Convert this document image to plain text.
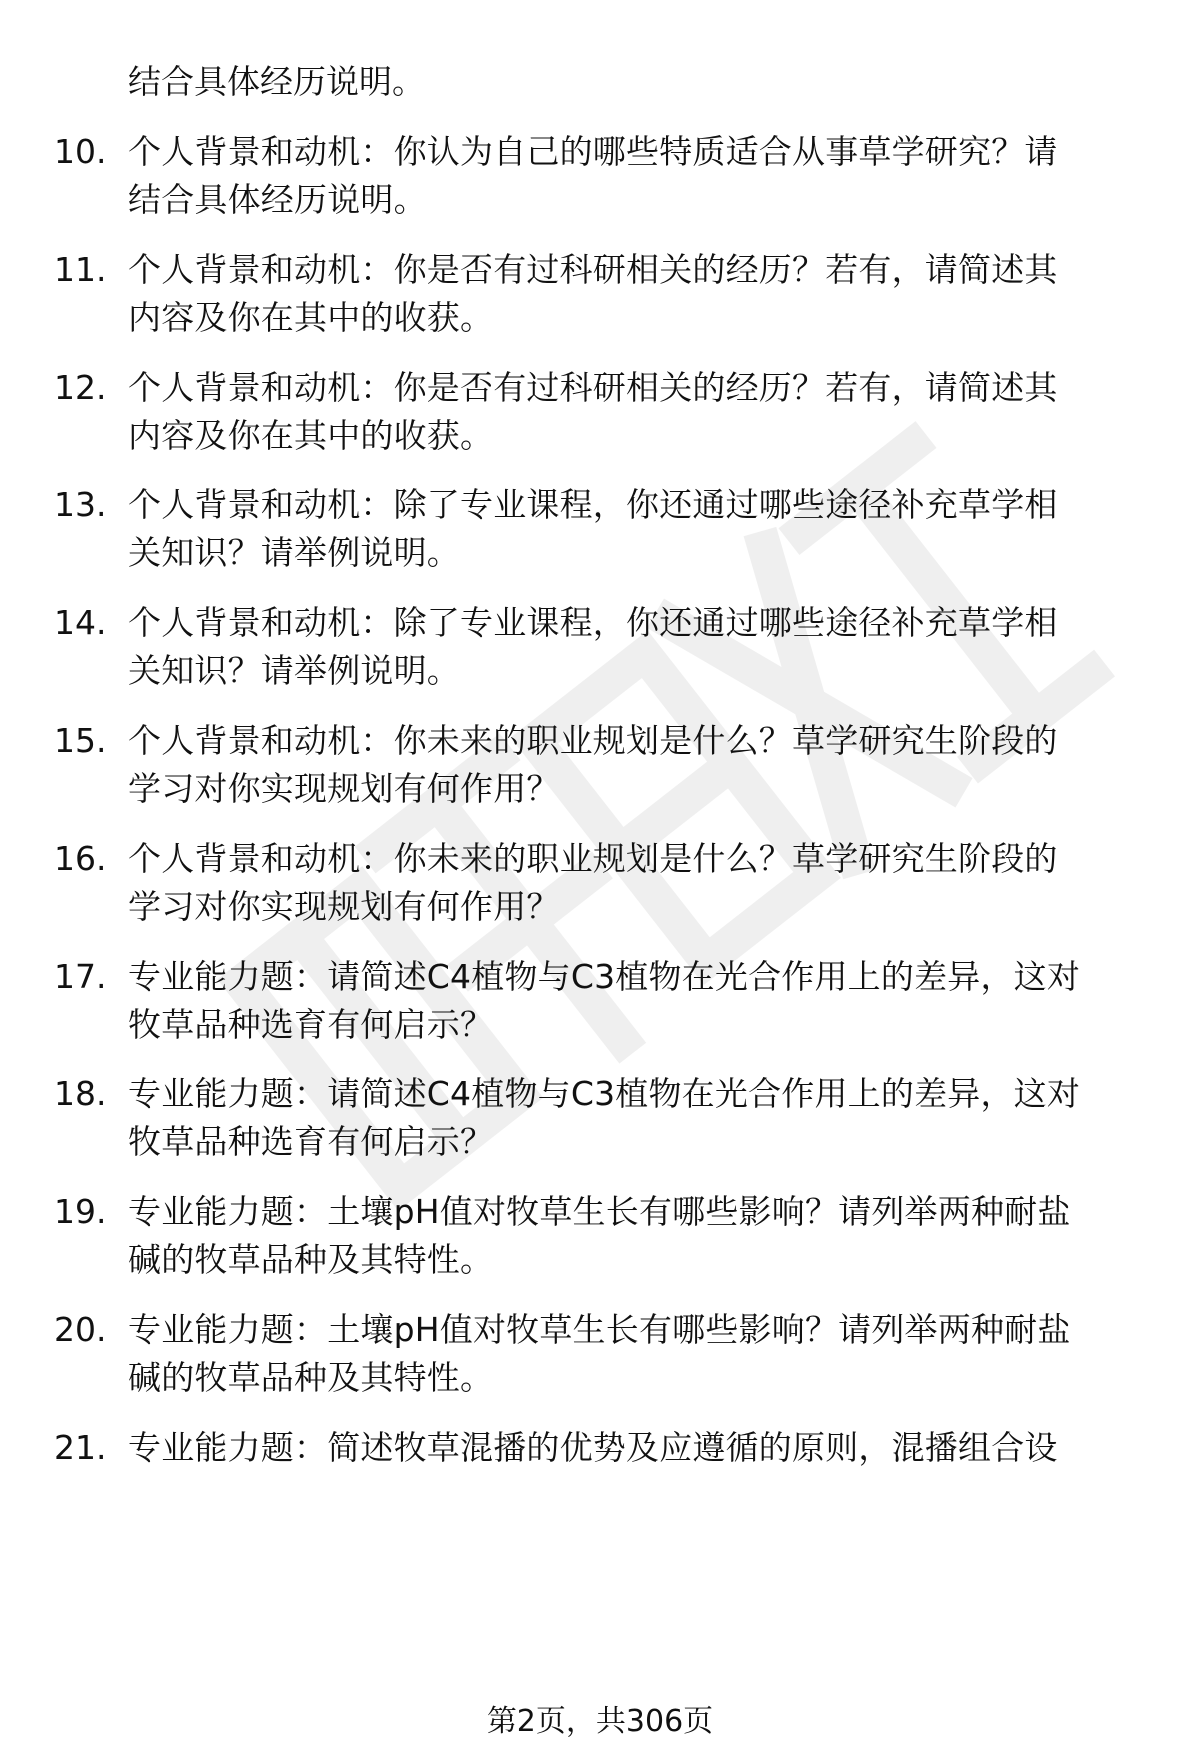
结合具体经历说明。
10. 个人背景和动机：你认为自己的哪些特质适合从事草学研究？请
结合具体经历说明。
11. 个人背景和动机：你是否有过科研相关的经历？若有，请简述其
内容及你在其中的收获。
12. 个人背景和动机：你是否有过科研相关的经历？若有，请简述其
内容及你在其中的收获。
13. 个人背景和动机：除了专业课程，你还通过哪些途径补充草学相
关知识？请举例说明。
14. 个人背景和动机：除了专业课程，你还通过哪些途径补充草学相
关知识？请举例说明。
15. 个人背景和动机：你未来的职业规划是什么？草学研究生阶段的
学习对你实现规划有何作用？
16. 个人背景和动机：你未来的职业规划是什么？草学研究生阶段的
学习对你实现规划有何作用？
17. 专业能力题：请简述C4植物与C3植物在光合作用上的差异，这对
牧草品种选育有何启示？
18. 专业能力题：请简述C4植物与C3植物在光合作用上的差异，这对
牧草品种选育有何启示？
19. 专业能力题：土壤pH值对牧草生长有哪些影响？请列举两种耐盐
碱的牧草品种及其特性。
20. 专业能力题：土壤pH值对牧草生长有哪些影响？请列举两种耐盐
碱的牧草品种及其特性。
21. 专业能力题：简述牧草混播的优势及应遵循的原则，混播组合设
第2页，共306页
